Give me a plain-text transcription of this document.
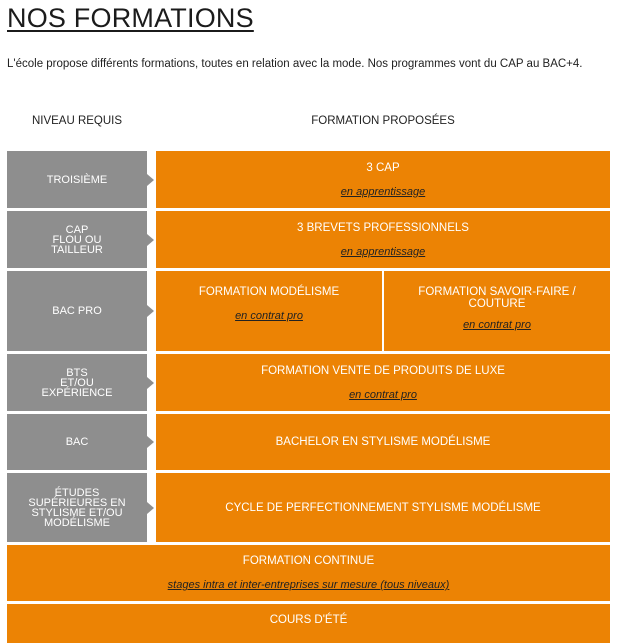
NOS FORMATIONS
L'école propose différents formations, toutes en relation avec la mode. Nos programmes vont du CAP au BAC+4.
NIVEAU REQUIS	FORMATION PROPOSÉES
TROISIÈME
3 CAP
en apprentissage
CAP
FLOU OU
TAILLEUR
3 BREVETS PROFESSIONNELS
en apprentissage
BAC PRO
FORMATION MODÉLISME
en contrat pro
FORMATION SAVOIR-FAIRE /
COUTURE
en contrat pro
BTS
ET/OU
EXPÉRIENCE
FORMATION VENTE DE PRODUITS DE LUXE
en contrat pro
BAC	BACHELOR EN STYLISME MODÉLISME
ÉTUDES
SUPÉRIEURES EN
STYLISME ET/OU
MODÉLISME
CYCLE DE PERFECTIONNEMENT STYLISME MODÉLISME
FORMATION CONTINUE
stages intra et inter-entreprises sur mesure (tous niveaux)
COURS D'ÉTÉ
